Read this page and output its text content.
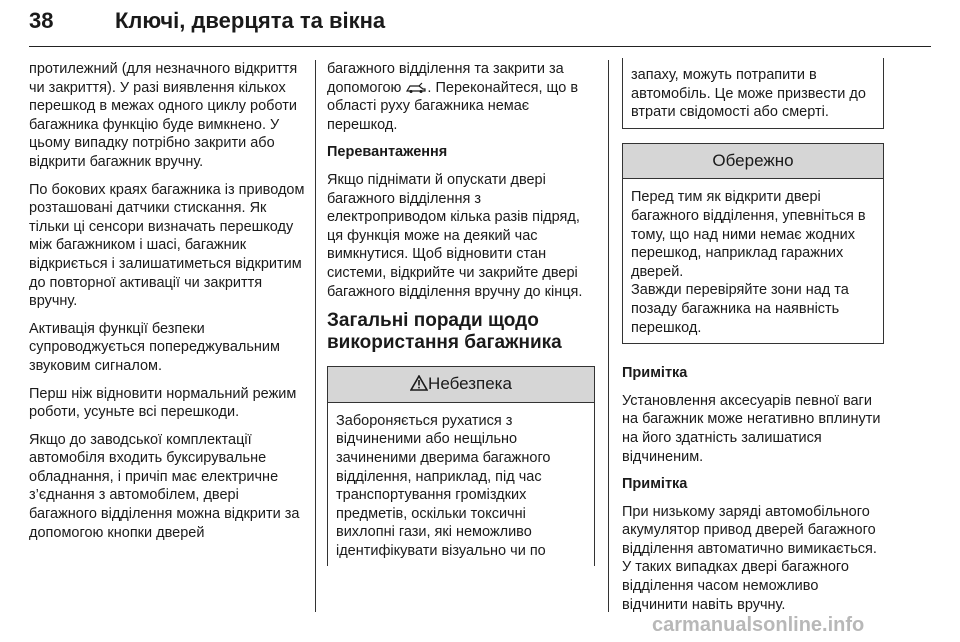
38	Ключі, дверцята та вікна

протилежний (для незначного відкриття чи закриття). У разі виявлення кількох перешкод в межах одного циклу роботи багажника функцію буде вимкнено. У цьому випадку потрібно закрити або відкрити багажник вручну.

По бокових краях багажника із приводом розташовані датчики стискання. Як тільки ці сенсори визначать перешкоду між багажником і шасі, багажник відкриється і залишатиметься відкритим до повторної активації чи закриття вручну.

Активація функції безпеки супроводжується попереджувальним звуковим сигналом.

Перш ніж відновити нормальний режим роботи, усуньте всі перешкоди.

Якщо до заводської комплектації автомобіля входить буксирувальне обладнання, і причіп має електричне з’єднання з автомобілем, двері багажного відділення можна відкрити за допомогою кнопки дверей

багажного відділення та закрити за допомогою . Переконайтеся, що в області руху багажника немає перешкод.

Перевантаження

Якщо піднімати й опускати двері багажного відділення з електроприводом кілька разів підряд, ця функція може на деякий час вимкнутися. Щоб відновити стан системи, відкрийте чи закрийте двері багажного відділення вручну до кінця.

Загальні поради щодо використання багажника
Небезпека
Забороняється рухатися з відчиненими або нещільно зачиненими дверима багажного відділення, наприклад, під час транспортування громіздких предметів, оскільки токсичні вихлопні гази, які неможливо ідентифікувати візуально чи по
запаху, можуть потрапити в автомобіль. Це може призвести до втрати свідомості або смерті.
Обережно
Перед тим як відкрити двері багажного відділення, упевніться в тому, що над ними немає жодних перешкод, наприклад гаражних дверей.
Завжди перевіряйте зони над та позаду багажника на наявність перешкод.

Примітка

Установлення аксесуарів певної ваги на багажник може негативно вплинути на його здатність залишатися відчиненим.

Примітка

При низькому заряді автомобільного акумулятор привод дверей багажного відділення автоматично вимикається. У таких випадках двері багажного відділення часом неможливо відчинити навіть вручну.

carmanualsonline.info
